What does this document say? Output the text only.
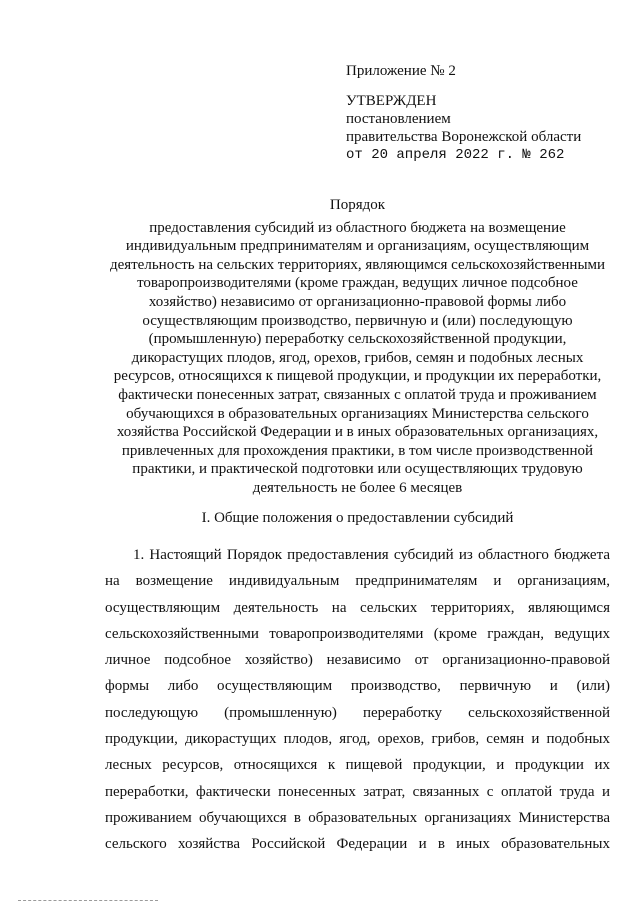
Приложение № 2
УТВЕРЖДЕН
постановлением
правительства Воронежской области
от 20 апреля 2022 г. № 262
Порядок
предоставления субсидий из областного бюджета на возмещение
индивидуальным предпринимателям и организациям, осуществляющим
деятельность на сельских территориях, являющимся сельскохозяйственными
товаропроизводителями (кроме граждан, ведущих личное подсобное
хозяйство) независимо от организационно-правовой формы либо
осуществляющим производство, первичную и (или) последующую
(промышленную) переработку сельскохозяйственной продукции,
дикорастущих плодов, ягод, орехов, грибов, семян и подобных лесных
ресурсов, относящихся к пищевой продукции, и продукции их переработки,
фактически понесенных затрат, связанных с оплатой труда и проживанием
обучающихся в образовательных организациях Министерства сельского
хозяйства Российской Федерации и в иных образовательных организациях,
привлеченных для прохождения практики, в том числе производственной
практики, и практической подготовки или осуществляющих трудовую
деятельность не более 6 месяцев
I. Общие положения о предоставлении субсидий
1. Настоящий Порядок предоставления субсидий из областного бюджета
на возмещение индивидуальным предпринимателям и организациям,
осуществляющим деятельность на сельских территориях, являющимся
сельскохозяйственными товаропроизводителями (кроме граждан, ведущих
личное подсобное хозяйство) независимо от организационно-правовой
формы либо осуществляющим производство, первичную и (или)
последующую (промышленную) переработку сельскохозяйственной
продукции, дикорастущих плодов, ягод, орехов, грибов, семян и подобных
лесных ресурсов, относящихся к пищевой продукции, и продукции их
переработки, фактически понесенных затрат, связанных с оплатой труда и
проживанием обучающихся в образовательных организациях Министерства
сельского хозяйства Российской Федерации и в иных образовательных
